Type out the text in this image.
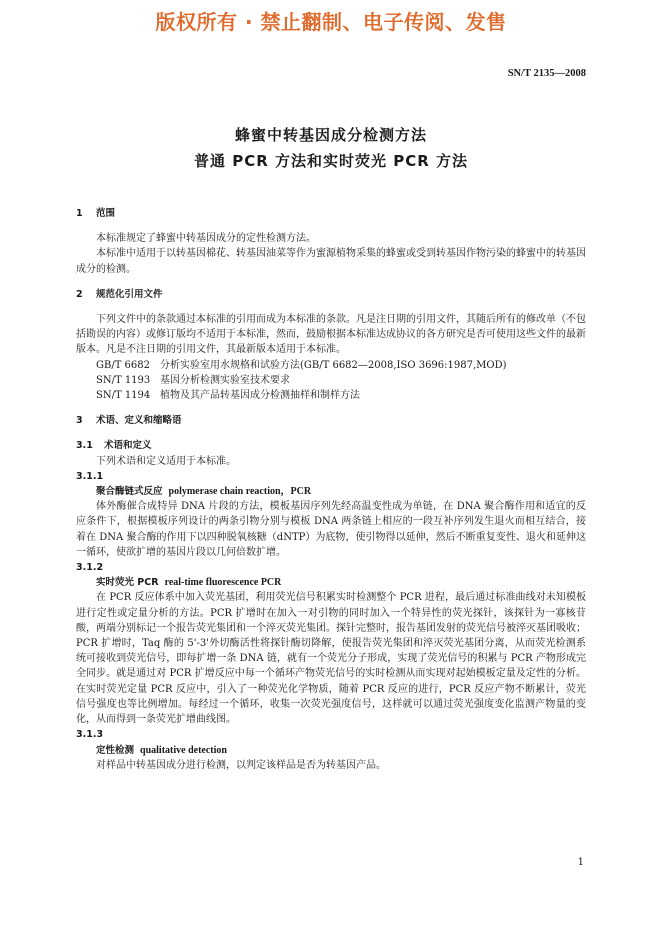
版权所有 · 禁止翻制、电子传阅、发售
SN/T 2135—2008
蜂蜜中转基因成分检测方法
普通 PCR 方法和实时荧光 PCR 方法
1 范围

本标准规定了蜂蜜中转基因成分的定性检测方法。

本标准中适用于以转基因棉花、转基因油菜等作为蜜源植物采集的蜂蜜或受到转基因作物污染的蜂蜜中的转基因成分的检测。

2 规范化引用文件

下列文件中的条款通过本标准的引用而成为本标准的条款。凡是注日期的引用文件，其随后所有的修改单（不包括勘误的内容）或修订版均不适用于本标准，然而，鼓励根据本标准达成协议的各方研究是否可使用这些文件的最新版本。凡是不注日期的引用文件，其最新版本适用于本标准。

GB/T 6682 分析实验室用水规格和试验方法(GB/T 6682—2008,ISO 3696:1987,MOD)

SN/T 1193 基因分析检测实验室技术要求

SN/T 1194 植物及其产品转基因成分检测抽样和制样方法

3 术语、定义和缩略语
3.1 术语和定义

下列术语和定义适用于本标准。

3.1.1

聚合酶链式反应 polymerase chain reaction，PCR

体外酶催合成特异 DNA 片段的方法，模板基因序列先经高温变性成为单链，在 DNA 聚合酶作用和适宜的反应条件下，根据模板序列设计的两条引物分别与模板 DNA 两条链上相应的一段互补序列发生退火而相互结合，接着在 DNA 聚合酶的作用下以四种脱氧核糖（dNTP）为底物，使引物得以延伸，然后不断重复变性、退火和延伸这一循环，使欲扩增的基因片段以几何倍数扩增。

3.1.2

实时荧光 PCR real-time fluorescence PCR

在 PCR 反应体系中加入荧光基团，利用荧光信号积累实时检测整个 PCR 进程，最后通过标准曲线对未知模板进行定性或定量分析的方法。PCR 扩增时在加入一对引物的同时加入一个特异性的荧光探针，该探针为一寡核苷酸，两端分别标记一个报告荧光集团和一个淬灭荧光集团。探针完整时，报告基团发射的荧光信号被淬灭基团吸收；PCR 扩增时，Taq 酶的 5'-3'外切酶活性将探针酶切降解，使报告荧光集团和淬灭荧光基团分离，从而荧光检测系统可接收到荧光信号，即每扩增一条 DNA 链，就有一个荧光分子形成，实现了荧光信号的积累与 PCR 产物形成完全同步。就是通过对 PCR 扩增反应中每一个循环产物荧光信号的实时检测从而实现对起始模板定量及定性的分析。在实时荧光定量 PCR 反应中，引入了一种荧光化学物质，随着 PCR 反应的进行，PCR 反应产物不断累计，荧光信号强度也等比例增加。每经过一个循环，收集一次荧光强度信号，这样就可以通过荧光强度变化监测产物量的变化，从而得到一条荧光扩增曲线图。

3.1.3

定性检测 qualitative detection

对样品中转基因成分进行检测，以判定该样品是否为转基因产品。

1
